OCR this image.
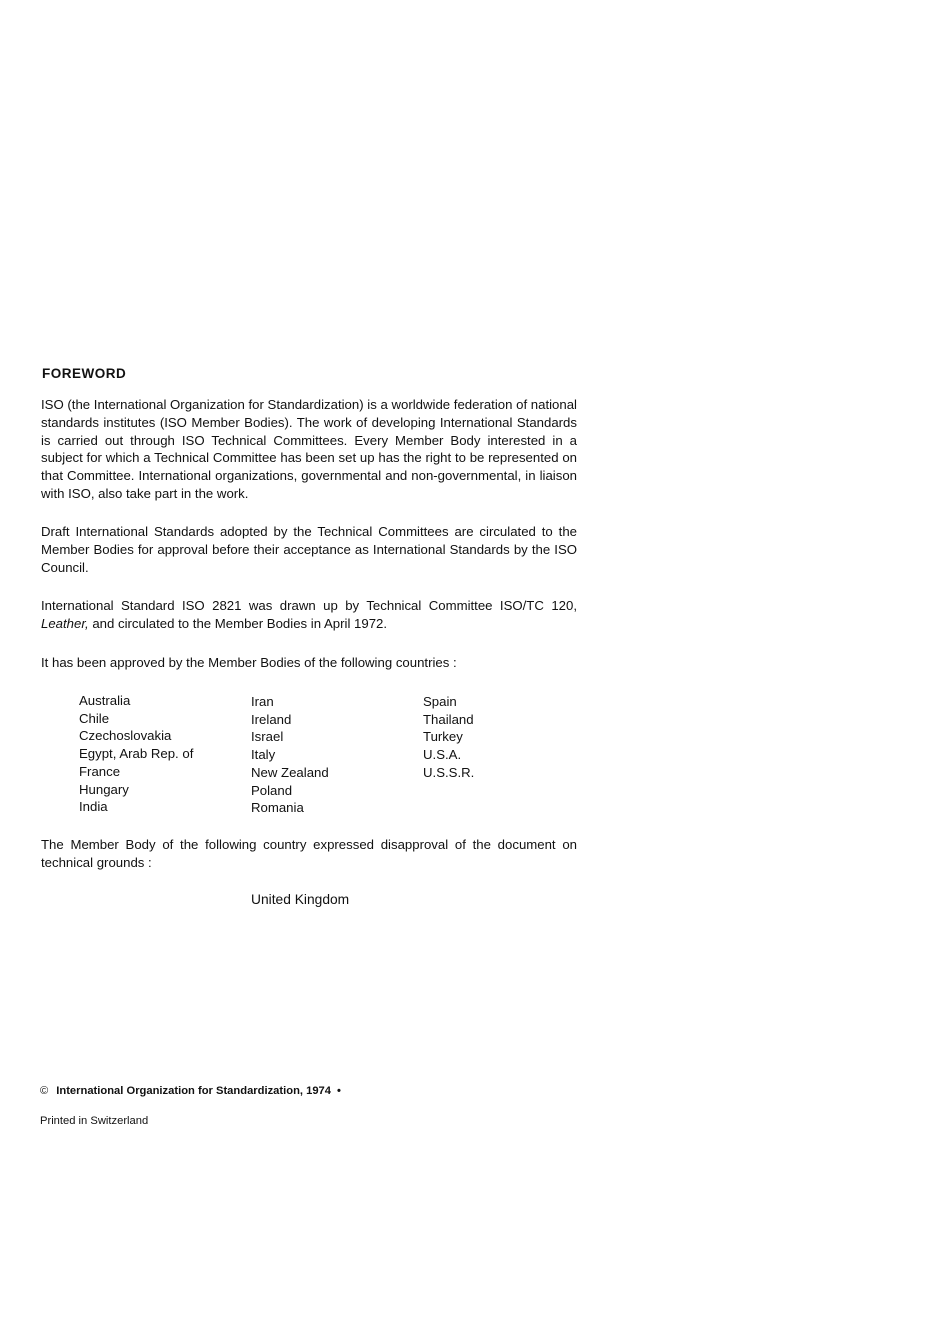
FOREWORD

ISO (the International Organization for Standardization) is a worldwide federation of national standards institutes (ISO Member Bodies). The work of developing International Standards is carried out through ISO Technical Committees. Every Member Body interested in a subject for which a Technical Committee has been set up has the right to be represented on that Committee. International organizations, governmental and non-governmental, in liaison with ISO, also take part in the work.

Draft International Standards adopted by the Technical Committees are circulated to the Member Bodies for approval before their acceptance as International Standards by the ISO Council.

International Standard ISO 2821 was drawn up by Technical Committee ISO/TC 120, Leather, and circulated to the Member Bodies in April 1972.

It has been approved by the Member Bodies of the following countries :

Australia
Chile
Czechoslovakia
Egypt, Arab Rep. of
France
Hungary
India
Iran
Ireland
Israel
Italy
New Zealand
Poland
Romania
Spain
Thailand
Turkey
U.S.A.
U.S.S.R.

The Member Body of the following country expressed disapproval of the document on technical grounds :

United Kingdom
© International Organization for Standardization, 1974 •
Printed in Switzerland
